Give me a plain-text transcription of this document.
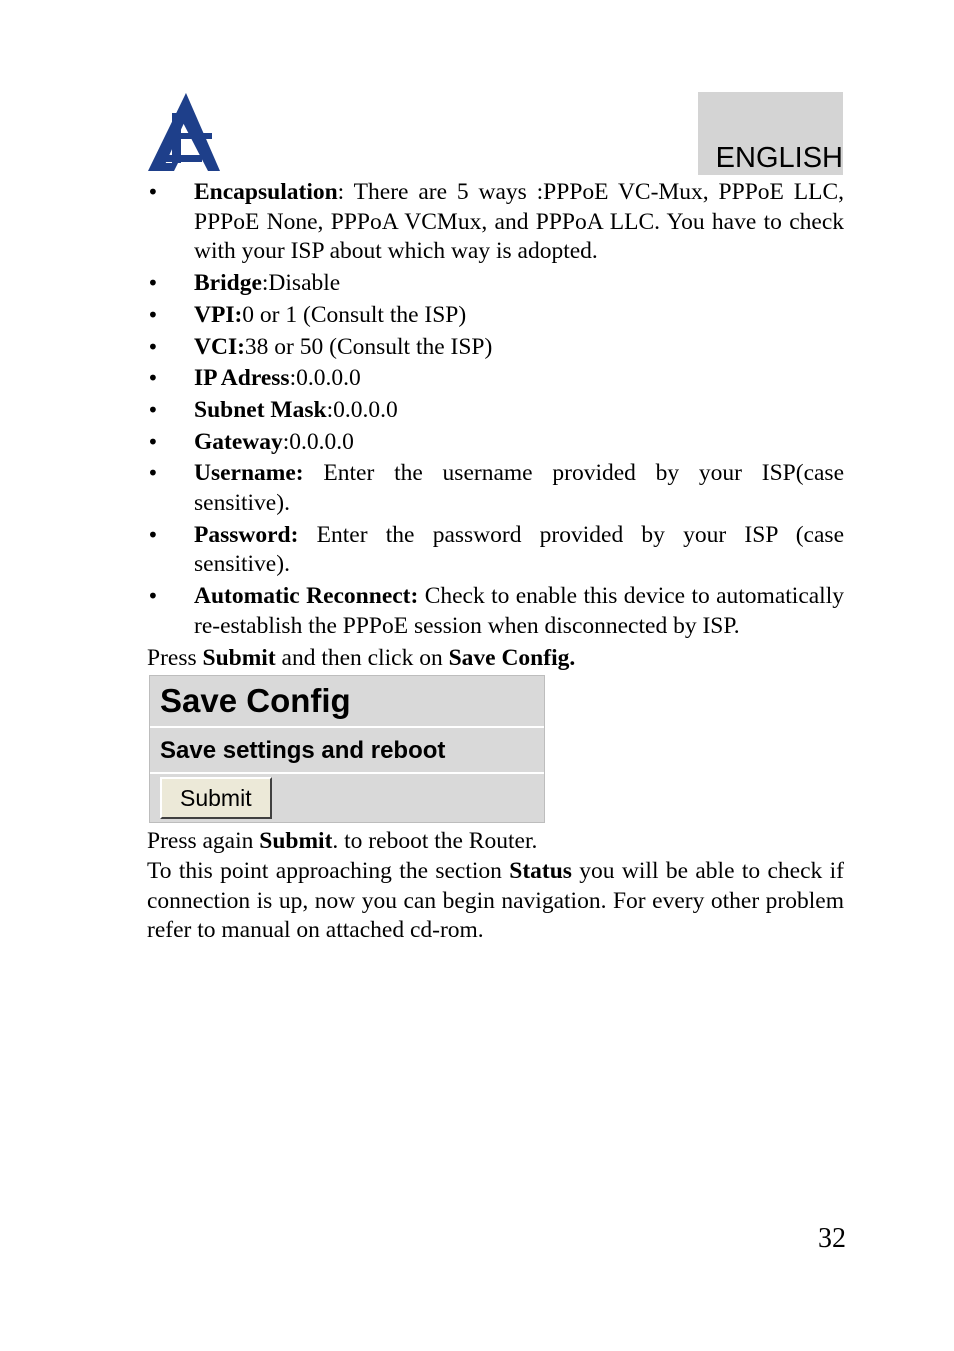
ENGLISH
• Encapsulation: There are 5 ways :PPPoE VC-Mux, PPPoE LLC, PPPoE None, PPPoA VCMux, and PPPoA LLC. You have to check with your ISP about which way is adopted.
• Bridge:Disable
• VPI:0 or 1 (Consult the ISP)
• VCI:38 or 50 (Consult the ISP)
• IP Adress:0.0.0.0
• Subnet Mask:0.0.0.0
• Gateway:0.0.0.0
• Username: Enter the username provided by your ISP(case sensitive).
• Password: Enter the password provided by your ISP (case sensitive).
• Automatic Reconnect: Check to enable this device to automatically re-establish the PPPoE session when disconnected by ISP.

Press Submit and then click on Save Config.

Save Config
Save settings and reboot
Submit

Press again Submit. to reboot the Router.

To this point approaching the section Status you will be able to check if connection is up, now you can begin navigation. For every other problem refer to manual on attached cd-rom.

32
